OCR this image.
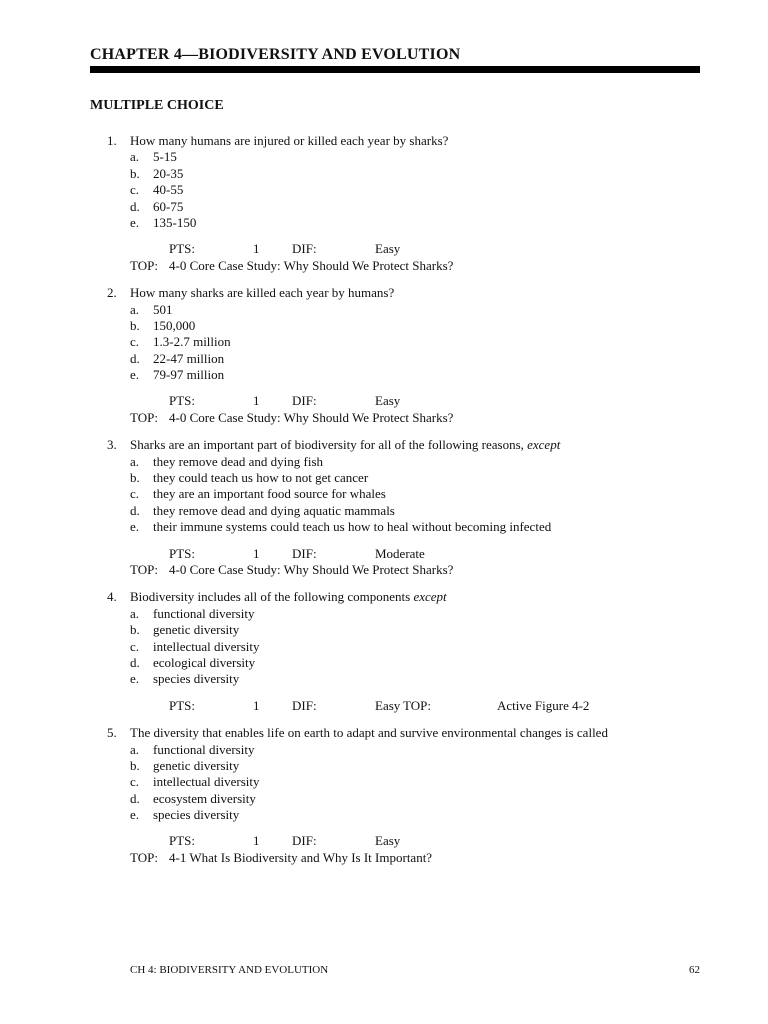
CHAPTER 4—BIODIVERSITY AND EVOLUTION
MULTIPLE CHOICE
1. How many humans are injured or killed each year by sharks?
a. 5-15
b. 20-35
c. 40-55
d. 60-75
e. 135-150
PTS:	1	DIF:	Easy
TOP: 4-0 Core Case Study: Why Should We Protect Sharks?
2. How many sharks are killed each year by humans?
a. 501
b. 150,000
c. 1.3-2.7 million
d. 22-47 million
e. 79-97 million
PTS:	1	DIF:	Easy
TOP: 4-0 Core Case Study: Why Should We Protect Sharks?
3. Sharks are an important part of biodiversity for all of the following reasons, except
a. they remove dead and dying fish
b. they could teach us how to not get cancer
c. they are an important food source for whales
d. they remove dead and dying aquatic mammals
e. their immune systems could teach us how to heal without becoming infected
PTS:	1	DIF:	Moderate
TOP: 4-0 Core Case Study: Why Should We Protect Sharks?
4. Biodiversity includes all of the following components except
a. functional diversity
b. genetic diversity
c. intellectual diversity
d. ecological diversity
e. species diversity
PTS:	1	DIF:	Easy TOP:	Active Figure 4-2
5. The diversity that enables life on earth to adapt and survive environmental changes is called
a. functional diversity
b. genetic diversity
c. intellectual diversity
d. ecosystem diversity
e. species diversity
PTS:	1	DIF:	Easy
TOP: 4-1 What Is Biodiversity and Why Is It Important?
CH 4: BIODIVERSITY AND EVOLUTION	62
